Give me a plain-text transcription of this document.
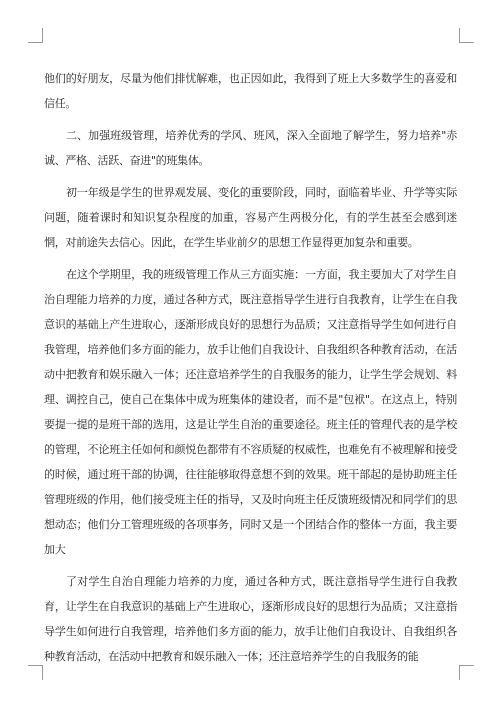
他们的好朋友，尽量为他们排忧解难，也正因如此，我得到了班上大多数学生的喜爱和信任。

二、加强班级管理，培养优秀的学风、班风，深入全面地了解学生，努力培养"赤诚、严格、活跃、奋进"的班集体。

初一年级是学生的世界观发展、变化的重要阶段，同时，面临着毕业、升学等实际问题，随着课时和知识复杂程度的加重，容易产生两极分化，有的学生甚至会感到迷惘，对前途失去信心。因此，在学生毕业前夕的思想工作显得更加复杂和重要。

在这个学期里，我的班级管理工作从三方面实施：一方面，我主要加大了对学生自治自理能力培养的力度，通过各种方式，既注意指导学生进行自我教育，让学生在自我意识的基础上产生进取心，逐渐形成良好的思想行为品质；又注意指导学生如何进行自我管理，培养他们多方面的能力，放手让他们自我设计、自我组织各种教育活动，在活动中把教育和娱乐融入一体；还注意培养学生的自我服务的能力，让学生学会规划、料理、调控自己，使自己在集体中成为班集体的建设者，而不是"包袱"。在这点上，特别要提一提的是班干部的选用，这是让学生自治的重要途径。班主任的管理代表的是学校的管理，不论班主任如何和颜悦色都带有不容质疑的权威性，也难免有不被理解和接受的时候，通过班干部的协调，往往能够取得意想不到的效果。班干部起的是协助班主任管理班级的作用，他们接受班主任的指导，又及时向班主任反馈班级情况和同学们的思想动态；他们分工管理班级的各项事务，同时又是一个团结合作的整体一方面，我主要加大

了对学生自治自理能力培养的力度，通过各种方式，既注意指导学生进行自我教育，让学生在自我意识的基础上产生进取心，逐渐形成良好的思想行为品质；又注意指导学生如何进行自我管理，培养他们多方面的能力，放手让他们自我设计、自我组织各种教育活动，在活动中把教育和娱乐融入一体；还注意培养学生的自我服务的能
